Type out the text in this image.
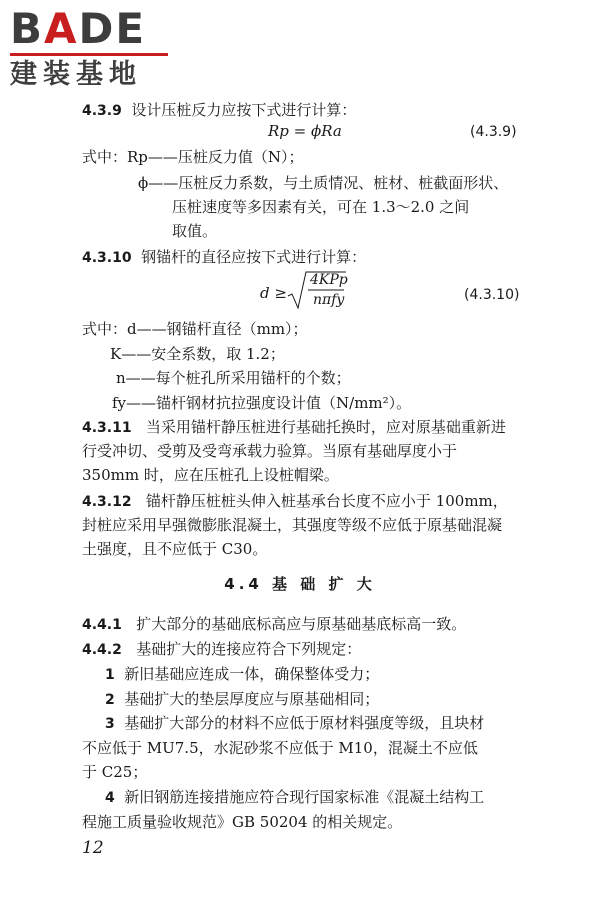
BADE
建装基地
4.3.9 设计压桩反力应按下式进行计算：
Rp = ϕRa	(4.3.9)
式中：Rp——压桩反力值（N）；
ϕ——压桩反力系数，与土质情况、桩材、桩截面形状、
压桩速度等多因素有关，可在 1.3～2.0 之间
取值。
4.3.10 钢锚杆的直径应按下式进行计算：
d ≥
4KPp
nπfy	(4.3.10)
式中：d——钢锚杆直径（mm）；
K——安全系数，取 1.2；
n——每个桩孔所采用锚杆的个数；
fy——锚杆钢材抗拉强度设计值（N/mm²）。
4.3.11 当采用锚杆静压桩进行基础托换时，应对原基础重新进
行受冲切、受剪及受弯承载力验算。当原有基础厚度小于
350mm 时，应在压桩孔上设桩帽梁。
4.3.12 锚杆静压桩桩头伸入桩基承台长度不应小于 100mm，
封桩应采用早强微膨胀混凝土，其强度等级不应低于原基础混凝
土强度，且不应低于 C30。
4.4 基 础 扩 大
4.4.1 扩大部分的基础底标高应与原基础基底标高一致。
4.4.2 基础扩大的连接应符合下列规定：
1 新旧基础应连成一体，确保整体受力；
2 基础扩大的垫层厚度应与原基础相同；
3 基础扩大部分的材料不应低于原材料强度等级，且块材
不应低于 MU7.5，水泥砂浆不应低于 M10，混凝土不应低
于 C25；
4 新旧钢筋连接措施应符合现行国家标准《混凝土结构工
程施工质量验收规范》GB 50204 的相关规定。
12
